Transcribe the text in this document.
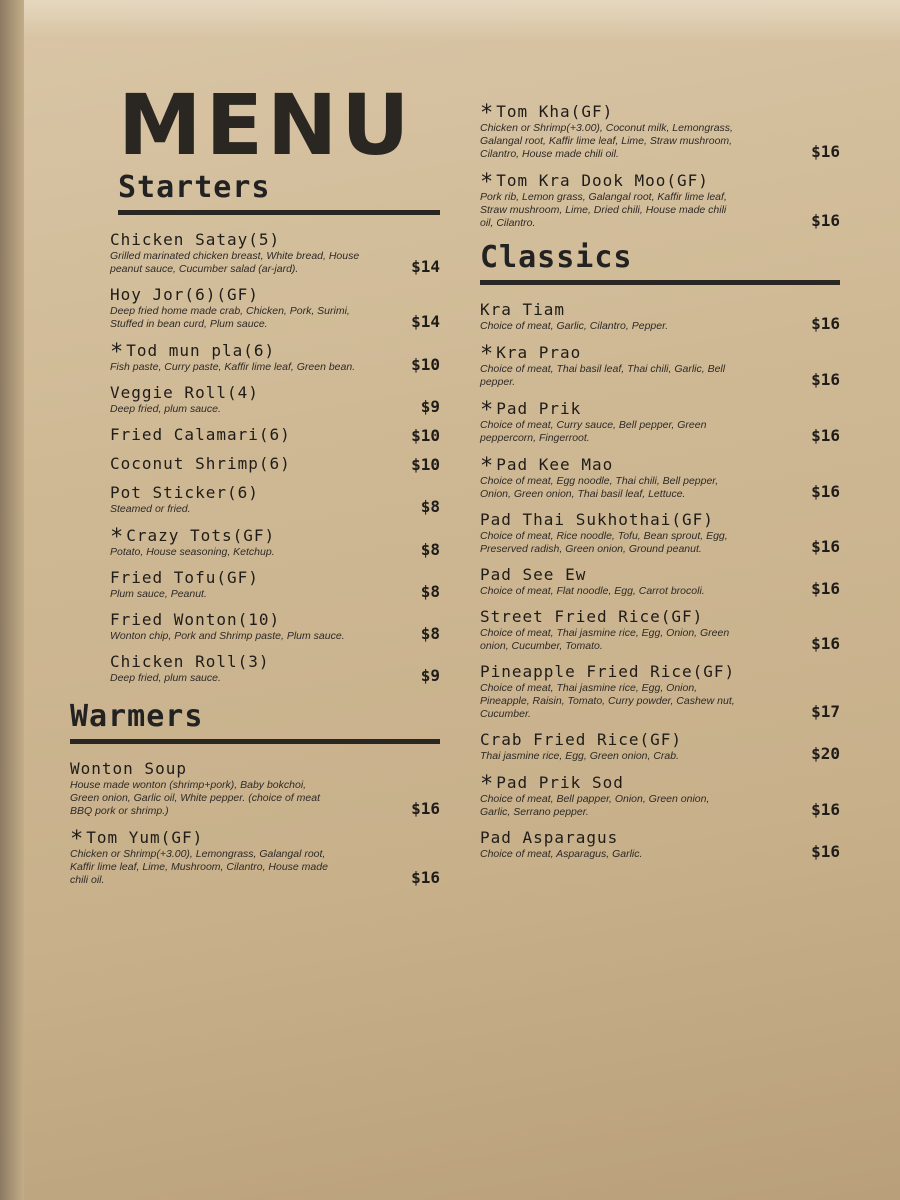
MENU
Starters
Chicken Satay(5)
Grilled marinated chicken breast, White bread, House peanut sauce, Cucumber salad (ar-jard).	$14
Hoy Jor(6)(GF)
Deep fried home made crab, Chicken, Pork, Surimi, Stuffed in bean curd, Plum sauce.	$14
* Tod mun pla(6)
Fish paste, Curry paste, Kaffir lime leaf, Green bean.	$10
Veggie Roll(4)
Deep fried, plum sauce.	$9
Fried Calamari(6)	$10
Coconut Shrimp(6)	$10
Pot Sticker(6)
Steamed or fried.	$8
* Crazy Tots(GF)
Potato, House seasoning, Ketchup.	$8
Fried Tofu(GF)
Plum sauce, Peanut.	$8
Fried Wonton(10)
Wonton chip, Pork and Shrimp paste, Plum sauce.	$8
Chicken Roll(3)
Deep fried, plum sauce.	$9
Warmers
Wonton Soup
House made wonton (shrimp+pork), Baby bokchoi, Green onion, Garlic oil, White pepper. (choice of meat BBQ pork or shrimp.)	$16
* Tom Yum(GF)
Chicken or Shrimp(+3.00), Lemongrass, Galangal root, Kaffir lime leaf, Lime, Mushroom, Cilantro, House made chili oil.	$16
* Tom Kha(GF)
Chicken or Shrimp(+3.00), Coconut milk, Lemongrass, Galangal root, Kaffir lime leaf, Lime, Straw mushroom, Cilantro, House made chili oil.	$16
* Tom Kra Dook Moo(GF)
Pork rib, Lemon grass, Galangal root, Kaffir lime leaf, Straw mushroom, Lime, Dried chili, House made chili oil, Cilantro.	$16
Classics
Kra Tiam
Choice of meat, Garlic, Cilantro, Pepper.	$16
* Kra Prao
Choice of meat, Thai basil leaf, Thai chili, Garlic, Bell pepper.	$16
* Pad Prik
Choice of meat, Curry sauce, Bell pepper, Green peppercorn, Fingerroot.	$16
* Pad Kee Mao
Choice of meat, Egg noodle, Thai chili, Bell pepper, Onion, Green onion, Thai basil leaf, Lettuce.	$16
Pad Thai Sukhothai(GF)
Choice of meat, Rice noodle, Tofu, Bean sprout, Egg, Preserved radish, Green onion, Ground peanut.	$16
Pad See Ew
Choice of meat, Flat noodle, Egg, Carrot brocoli.	$16
Street Fried Rice(GF)
Choice of meat, Thai jasmine rice, Egg, Onion, Green onion, Cucumber, Tomato.	$16
Pineapple Fried Rice(GF)
Choice of meat, Thai jasmine rice, Egg, Onion, Pineapple, Raisin, Tomato, Curry powder, Cashew nut, Cucumber.	$17
Crab Fried Rice(GF)
Thai jasmine rice, Egg, Green onion, Crab.	$20
* Pad Prik Sod
Choice of meat, Bell papper, Onion, Green onion, Garlic, Serrano pepper.	$16
Pad Asparagus
Choice of meat, Asparagus, Garlic.	$16
